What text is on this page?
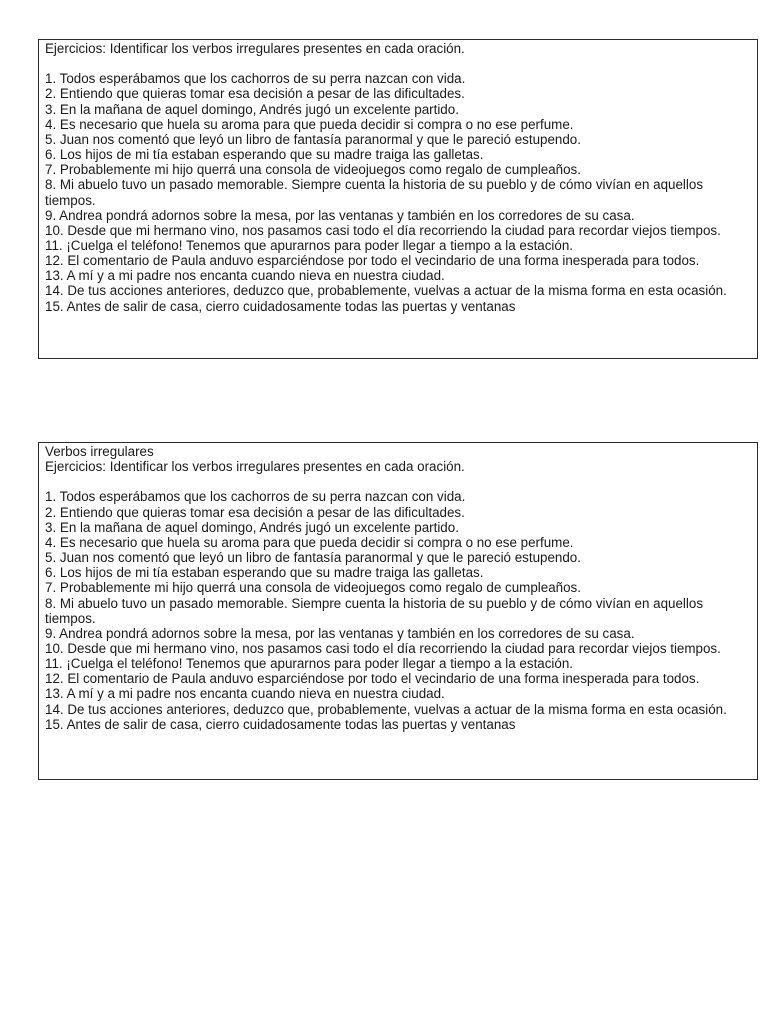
Ejercicios: Identificar los verbos irregulares presentes en cada oración.
1. Todos esperábamos que los cachorros de su perra nazcan con vida.
2. Entiendo que quieras tomar esa decisión a pesar de las dificultades.
3. En la mañana de aquel domingo, Andrés jugó un excelente partido.
4. Es necesario que huela su aroma para que pueda decidir si compra o no ese perfume.
5. Juan nos comentó que leyó un libro de fantasía paranormal y que le pareció estupendo.
6. Los hijos de mi tía estaban esperando que su madre traiga las galletas.
7. Probablemente mi hijo querrá una consola de videojuegos como regalo de cumpleaños.
8. Mi abuelo tuvo un pasado memorable. Siempre cuenta la historia de su pueblo y de cómo vivían en aquellos tiempos.
9. Andrea pondrá adornos sobre la mesa, por las ventanas y también en los corredores de su casa.
10. Desde que mi hermano vino, nos pasamos casi todo el día recorriendo la ciudad para recordar viejos tiempos.
11. ¡Cuelga el teléfono! Tenemos que apurarnos para poder llegar a tiempo a la estación.
12. El comentario de Paula anduvo esparciéndose por todo el vecindario de una forma inesperada para todos.
13. A mí y a mi padre nos encanta cuando nieva en nuestra ciudad.
14. De tus acciones anteriores, deduzco que, probablemente, vuelvas a actuar de la misma forma en esta ocasión.
15. Antes de salir de casa, cierro cuidadosamente todas las puertas y ventanas
Verbos irregulares
Ejercicios: Identificar los verbos irregulares presentes en cada oración.
1. Todos esperábamos que los cachorros de su perra nazcan con vida.
2. Entiendo que quieras tomar esa decisión a pesar de las dificultades.
3. En la mañana de aquel domingo, Andrés jugó un excelente partido.
4. Es necesario que huela su aroma para que pueda decidir si compra o no ese perfume.
5. Juan nos comentó que leyó un libro de fantasía paranormal y que le pareció estupendo.
6. Los hijos de mi tía estaban esperando que su madre traiga las galletas.
7. Probablemente mi hijo querrá una consola de videojuegos como regalo de cumpleaños.
8. Mi abuelo tuvo un pasado memorable. Siempre cuenta la historia de su pueblo y de cómo vivían en aquellos tiempos.
9. Andrea pondrá adornos sobre la mesa, por las ventanas y también en los corredores de su casa.
10. Desde que mi hermano vino, nos pasamos casi todo el día recorriendo la ciudad para recordar viejos tiempos.
11. ¡Cuelga el teléfono! Tenemos que apurarnos para poder llegar a tiempo a la estación.
12. El comentario de Paula anduvo esparciéndose por todo el vecindario de una forma inesperada para todos.
13. A mí y a mi padre nos encanta cuando nieva en nuestra ciudad.
14. De tus acciones anteriores, deduzco que, probablemente, vuelvas a actuar de la misma forma en esta ocasión.
15. Antes de salir de casa, cierro cuidadosamente todas las puertas y ventanas
